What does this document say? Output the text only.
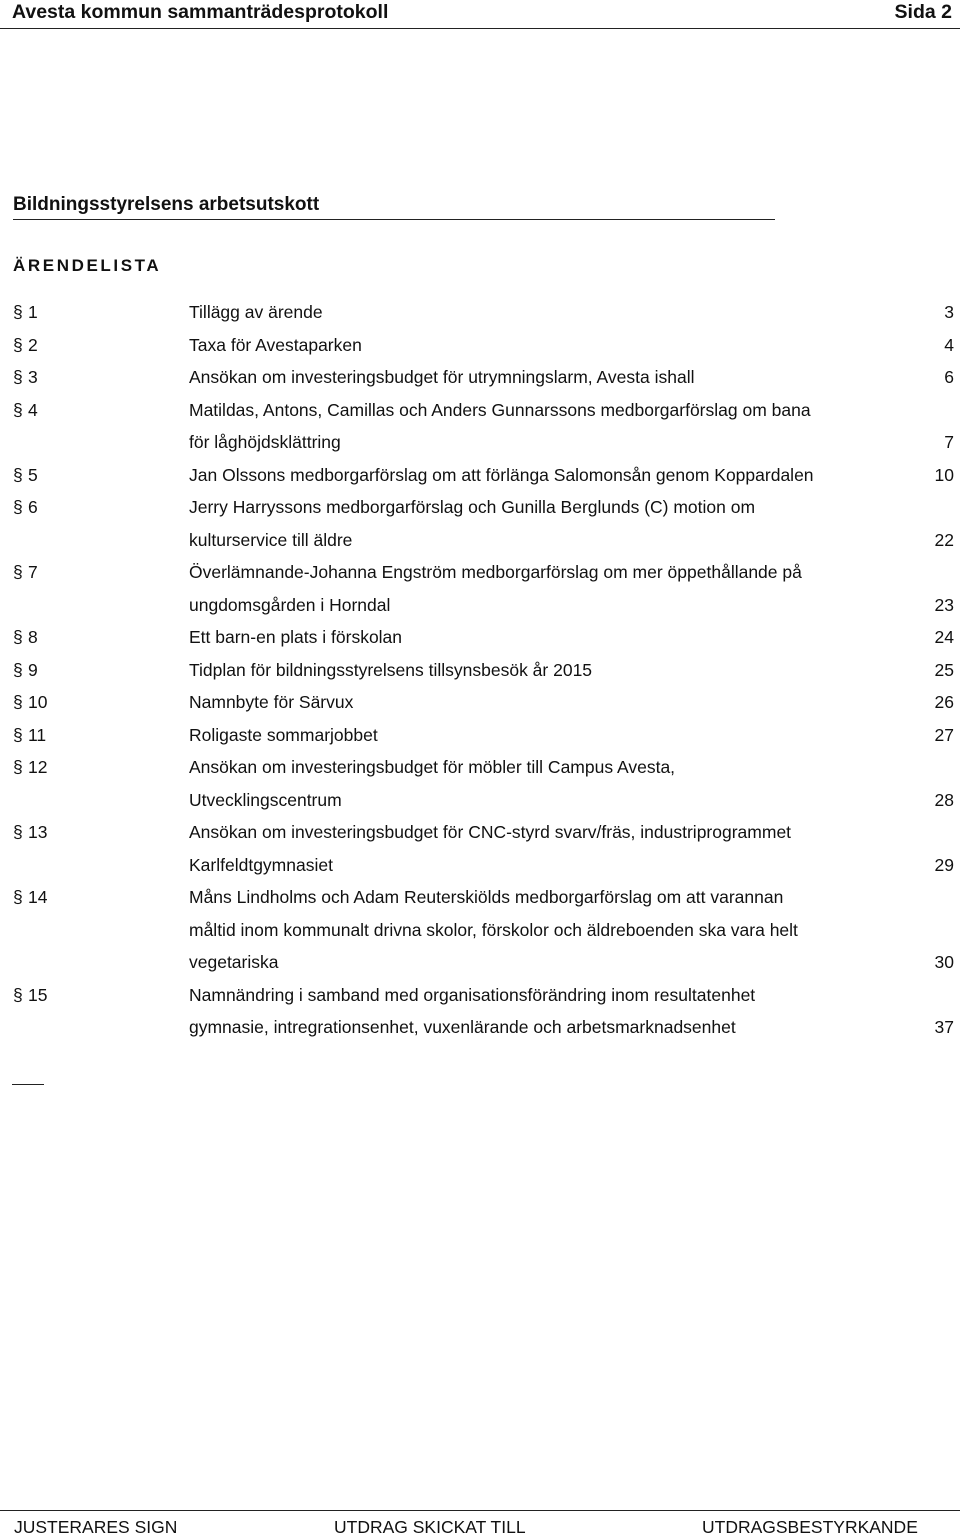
Avesta kommun sammanträdesprotokoll	Sida 2
Bildningsstyrelsens arbetsutskott
ÄRENDELISTA
§ 1	Tillägg av ärende	3
§ 2	Taxa för Avestaparken	4
§ 3	Ansökan om investeringsbudget för utrymningslarm, Avesta ishall	6
§ 4	Matildas, Antons, Camillas och Anders Gunnarssons medborgarförslag om bana
för låghöjdsklättring	7
§ 5	Jan Olssons medborgarförslag om att förlänga Salomonsån genom Koppardalen	10
§ 6	Jerry Harryssons medborgarförslag och Gunilla Berglunds (C) motion om
kulturservice till äldre	22
§ 7	Överlämnande-Johanna Engström medborgarförslag om mer öppethållande på
ungdomsgården i Horndal	23
§ 8	Ett barn-en plats i förskolan	24
§ 9	Tidplan för bildningsstyrelsens tillsynsbesök år 2015	25
§ 10	Namnbyte för Särvux	26
§ 11	Roligaste sommarjobbet	27
§ 12	Ansökan om investeringsbudget för möbler till Campus Avesta,
Utvecklingscentrum	28
§ 13	Ansökan om investeringsbudget för CNC-styrd svarv/fräs, industriprogrammet
Karlfeldtgymnasiet	29
§ 14	Måns Lindholms och Adam Reuterskiölds medborgarförslag om att varannan
måltid inom kommunalt drivna skolor, förskolor och äldreboenden ska vara helt
vegetariska	30
§ 15	Namnändring i samband med organisationsförändring inom resultatenhet
gymnasie, intregrationsenhet, vuxenlärande och arbetsmarknadsenhet	37
JUSTERARES SIGN	UTDRAG SKICKAT TILL	UTDRAGSBESTYRKANDE
